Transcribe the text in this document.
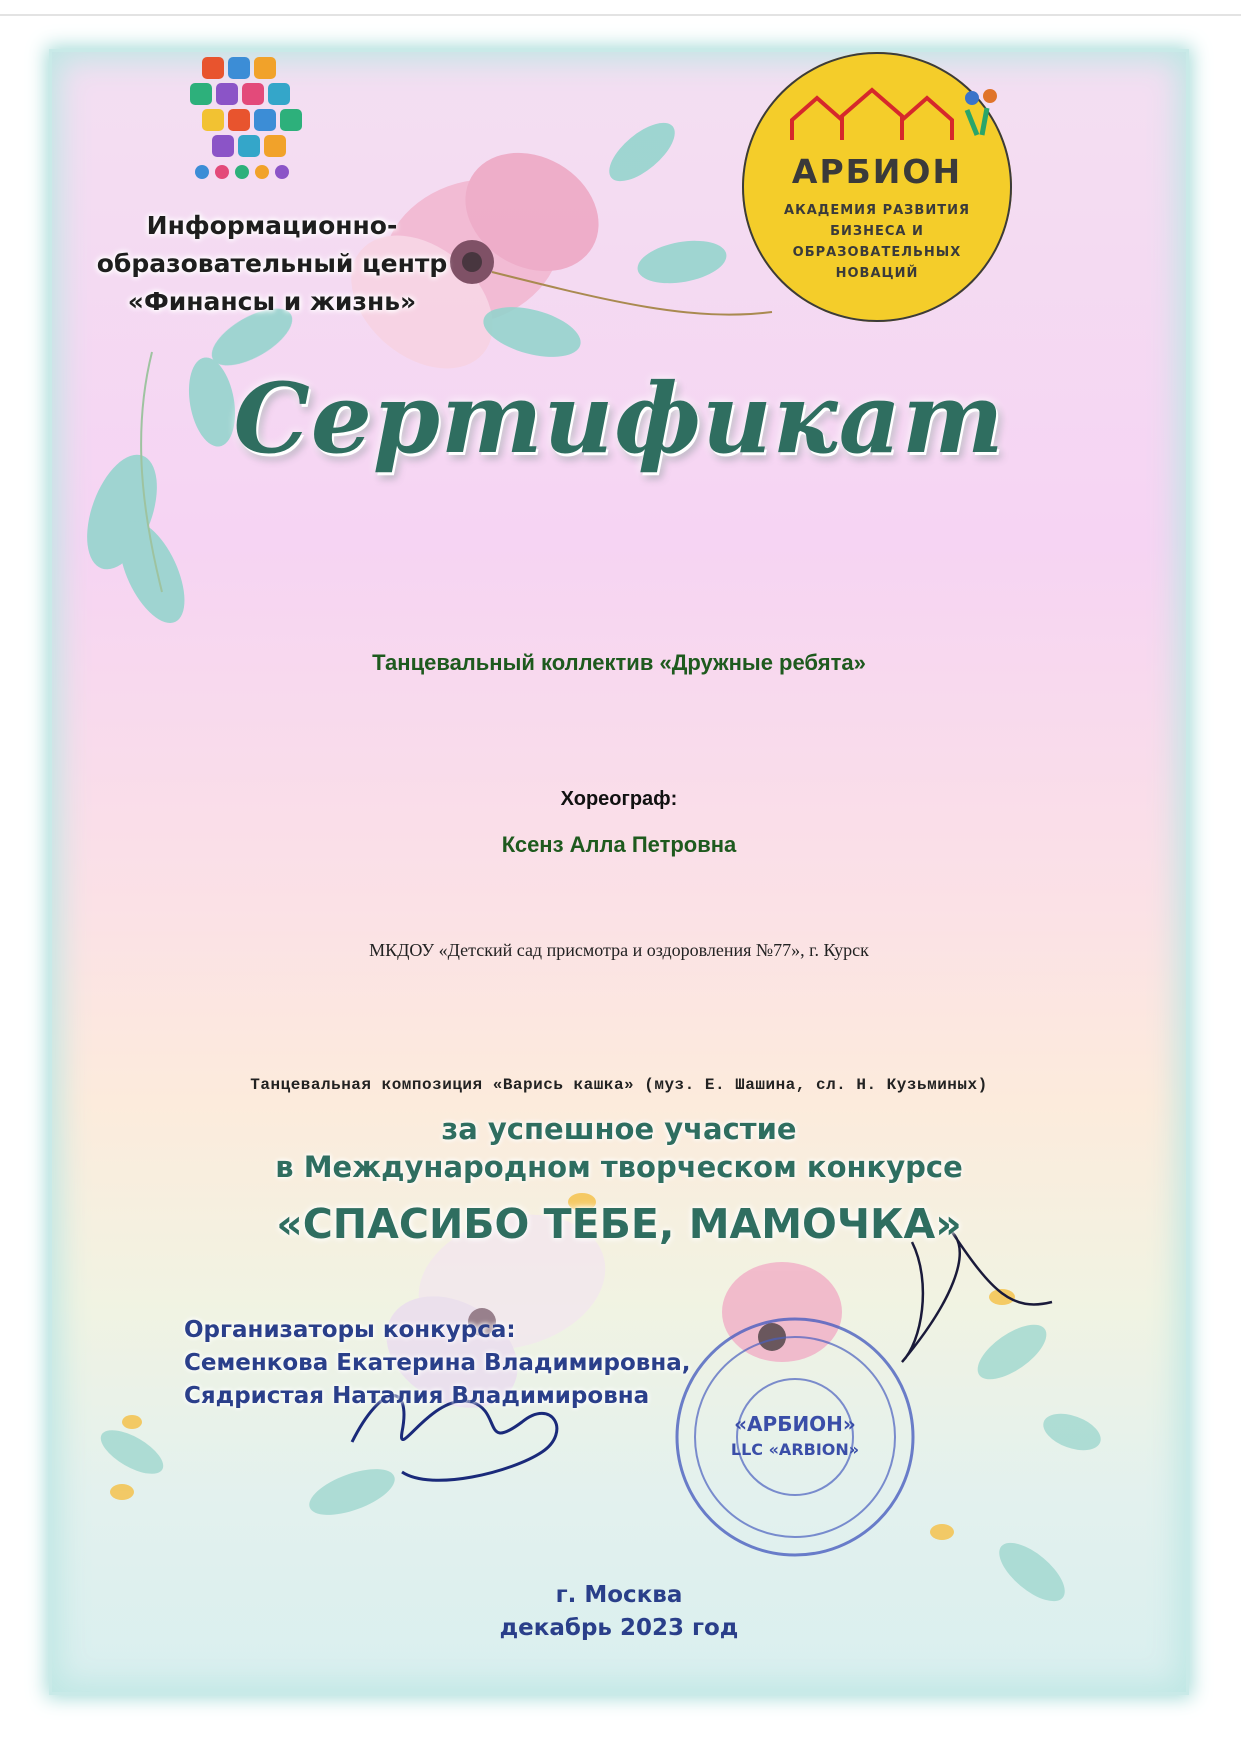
Информационно-
образовательный центр
«Финансы и жизнь»
АРБИОН
АКАДЕМИЯ РАЗВИТИЯ
БИЗНЕСА И
ОБРАЗОВАТЕЛЬНЫХ
НОВАЦИЙ
Сертификат
Танцевальный коллектив «Дружные ребята»
Хореограф:
Ксенз Алла Петровна
МКДОУ «Детский сад присмотра и оздоровления №77», г. Курск
Танцевальная композиция «Варись кашка» (муз. Е. Шашина, сл. Н. Кузьминых)
за успешное участие
в Международном творческом конкурсе
«СПАСИБО ТЕБЕ, МАМОЧКА»
Организаторы конкурса:
Семенкова Екатерина Владимировна,
Сядристая Наталия Владимировна
«АРБИОН»
LLC «ARBION»
г. Москва
декабрь 2023 год
